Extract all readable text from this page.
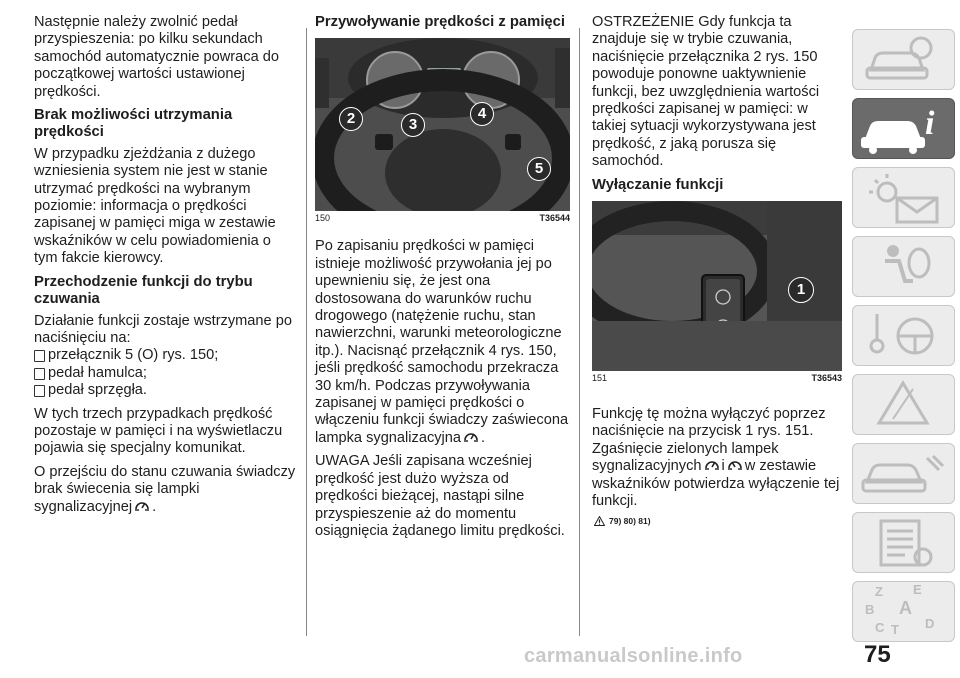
Następnie należy zwolnić pedał przyspieszenia: po kilku sekundach samochód automatycznie powraca do początkowej wartości ustawionej prędkości.

Brak możliwości utrzymania prędkości

W przypadku zjeżdżania z dużego wzniesienia system nie jest w stanie utrzymać prędkości na wybranym poziomie: informacja o prędkości zapisanej w pamięci miga w zestawie wskaźników w celu powiadomienia o tym fakcie kierowcy.

Przechodzenie funkcji do trybu czuwania

Działanie funkcji zostaje wstrzymane po naciśnięciu na:

przełącznik 5 (O) rys. 150;
pedał hamulca;
pedał sprzęgła.

W tych trzech przypadkach prędkość pozostaje w pamięci i na wyświetlaczu pojawia się specjalny komunikat.

O przejściu do stanu czuwania świadczy brak świecenia się lampki sygnalizacyjnej .

Przywoływanie prędkości z pamięci
2	3
4
5
150	T36544

Po zapisaniu prędkości w pamięci istnieje możliwość przywołania jej po upewnieniu się, że jest ona dostosowana do warunków ruchu drogowego (natężenie ruchu, stan nawierzchni, warunki meteorologiczne itp.). Nacisnąć przełącznik 4 rys. 150, jeśli prędkość samochodu przekracza 30 km/h. Podczas przywoływania zapisanej w pamięci prędkości o włączeniu funkcji świadczy zaświecona lampka sygnalizacyjna .

UWAGA Jeśli zapisana wcześniej prędkość jest dużo wyższa od prędkości bieżącej, nastąpi silne przyspieszenie aż do momentu osiągnięcia żądanego limitu prędkości.

OSTRZEŻENIE Gdy funkcja ta znajduje się w trybie czuwania, naciśnięcie przełącznika 2 rys. 150 powoduje ponowne uaktywnienie funkcji, bez uwzględnienia wartości prędkości zapisanej w pamięci: w takiej sytuacji wykorzystywana jest prędkość, z jaką porusza się samochód.

Wyłączanie funkcji
1
151	T36543

Funkcję tę można wyłączyć poprzez naciśnięcie na przycisk 1 rys. 151. Zgaśnięcie zielonych lampek sygnalizacyjnych i w zestawie wskaźników potwierdza wyłączenie tej funkcji.

79) 80) 81)
i
Z E
B A
C T D
carmanualsonline.info	75
